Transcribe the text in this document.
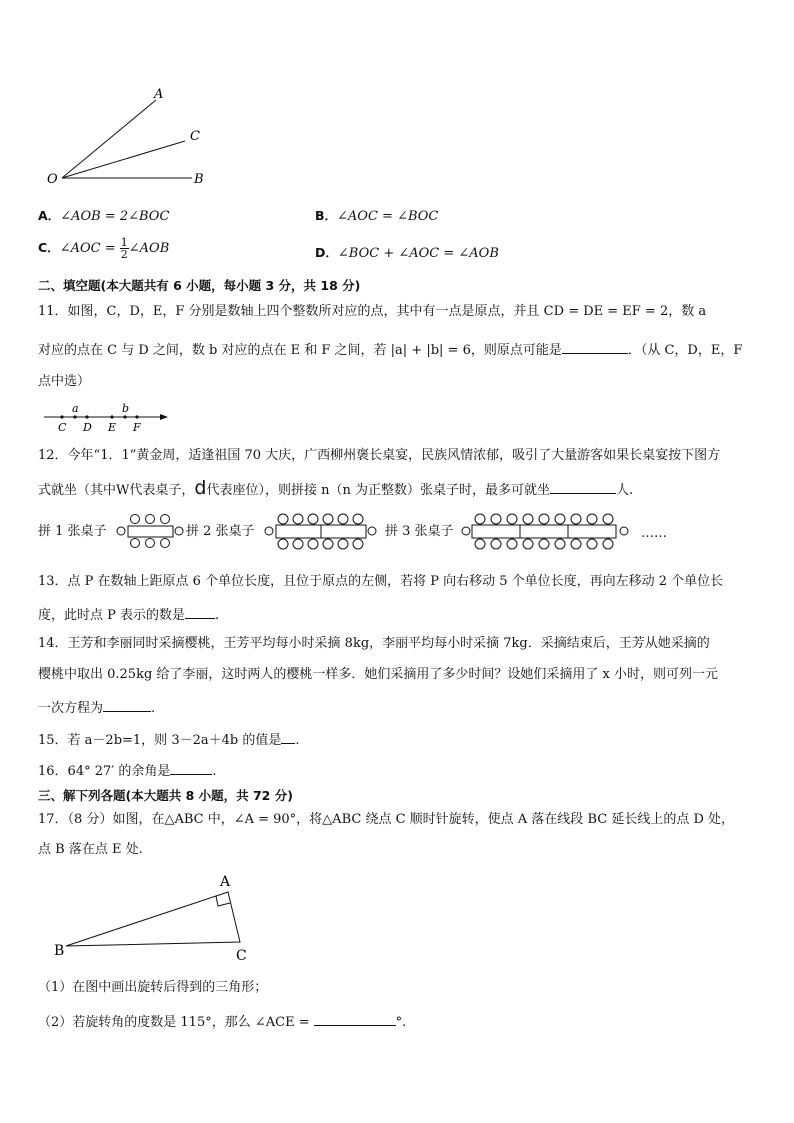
A
C
B
O
A．∠AOB = 2∠BOC	B．∠AOC = ∠BOC
C．∠AOC = $\frac{1}{2}$ ∠AOB	D．∠BOC + ∠AOC = ∠AOB
二、填空题(本大题共有 6 小题，每小题 3 分，共 18 分)
11．如图，C，D，E，F 分别是数轴上四个整数所对应的点，其中有一点是原点，并且 CD = DE = EF = 2，数 a
对应的点在 C 与 D 之间，数 b 对应的点在 E 和 F 之间，若 |a| + |b| = 6，则原点可能是	．（从 C，D，E，F
点中选）
a	b
C D E F
12．今年“1．1”黄金周，适逢祖国 70 大庆，广西柳州褒长桌宴，民族风情浓郁，吸引了大量游客如果长桌宴按下图方
式就坐（其中W代表桌子，d代表座位），则拼接 n（n 为正整数）张桌子时，最多可就坐	人.
拼 1 张桌子	拼 2 张桌子	拼 3 张桌子	……
13．点 P 在数轴上距原点 6 个单位长度，且位于原点的左侧，若将 P 向右移动 5 个单位长度，再向左移动 2 个单位长
度，此时点 P 表示的数是 .
14．王芳和李丽同时采摘樱桃，王芳平均每小时采摘 8kg，李丽平均每小时采摘 7kg．采摘结束后，王芳从她采摘的
樱桃中取出 0.25kg 给了李丽，这时两人的樱桃一样多．她们采摘用了多少时间？设她们采摘用了 x 小时，则可列一元
一次方程为	.
15．若 a－2b=1，则 3－2a＋4b 的值是 .
16．64° 27′ 的余角是	.
三、解下列各题(本大题共 8 小题，共 72 分)
17．（8 分）如图，在△ABC 中，∠A = 90°，将△ABC 绕点 C 顺时针旋转，使点 A 落在线段 BC 延长线上的点 D 处，
点 B 落在点 E 处.
A
B	C
（1）在图中画出旋转后得到的三角形；
（2）若旋转角的度数是 115°，那么 ∠ACE =	°.
